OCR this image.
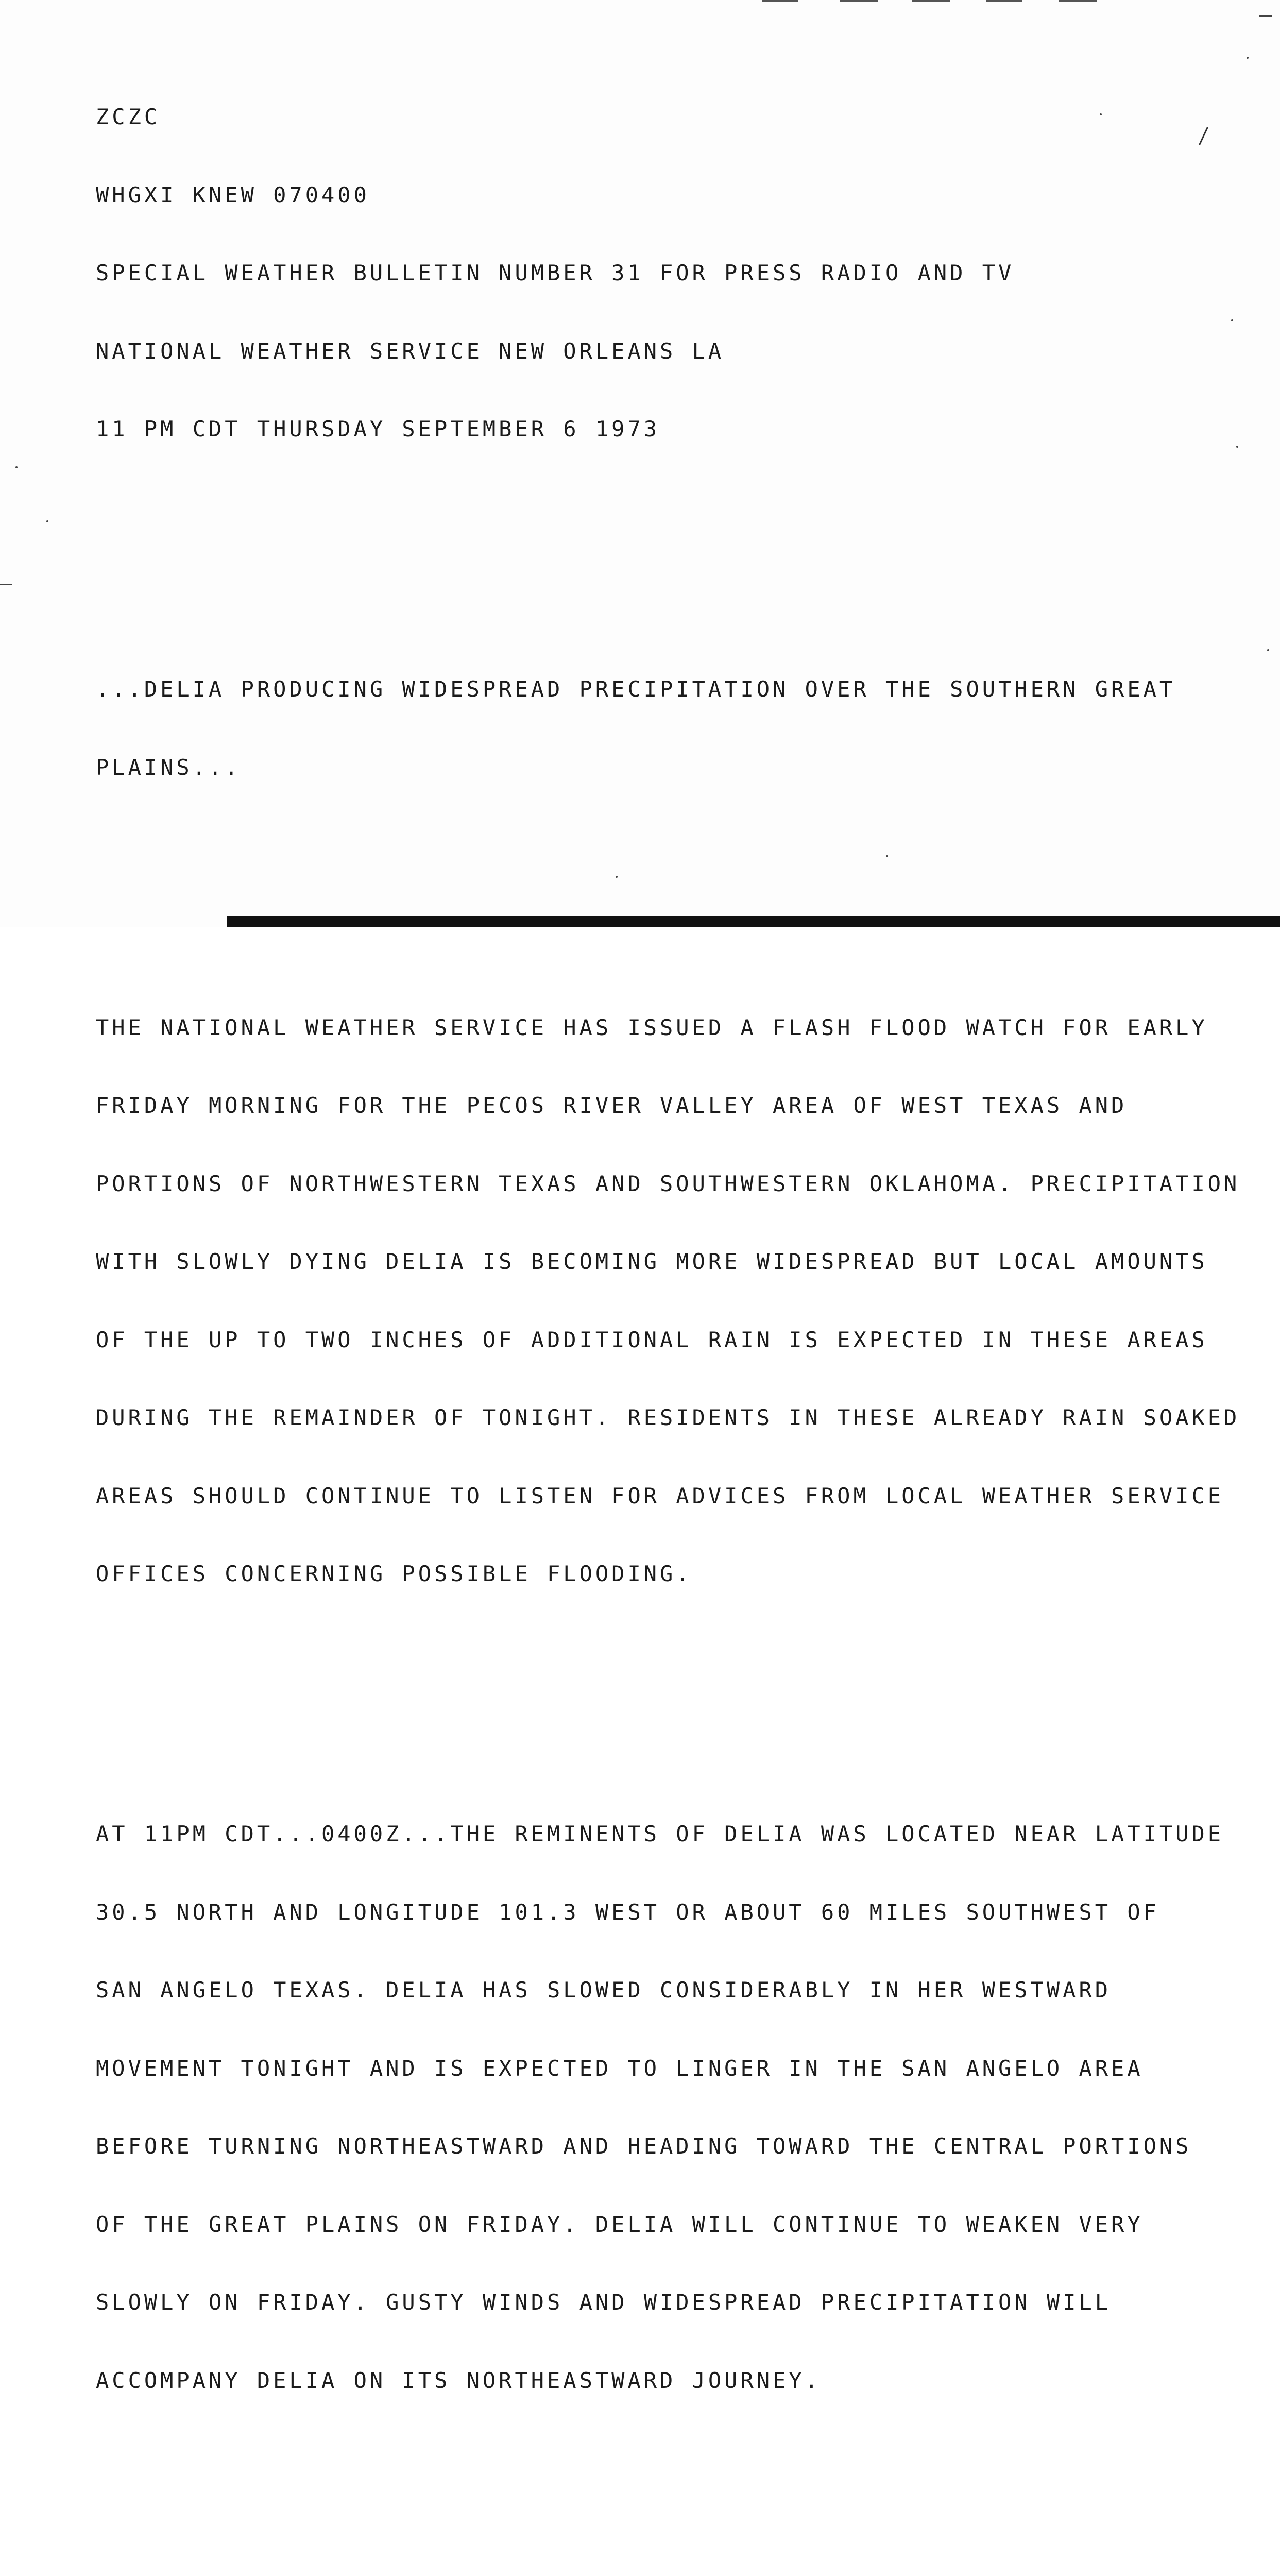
ZCZC

WHGXI KNEW 070400

SPECIAL WEATHER BULLETIN NUMBER 31 FOR PRESS RADIO AND TV

NATIONAL WEATHER SERVICE NEW ORLEANS LA

11 PM CDT THURSDAY SEPTEMBER 6 1973

...DELIA PRODUCING WIDESPREAD PRECIPITATION OVER THE SOUTHERN GREAT

PLAINS...

THE NATIONAL WEATHER SERVICE HAS ISSUED A FLASH FLOOD WATCH FOR EARLY

FRIDAY MORNING FOR THE PECOS RIVER VALLEY AREA OF WEST TEXAS AND

PORTIONS OF NORTHWESTERN TEXAS AND SOUTHWESTERN OKLAHOMA. PRECIPITATION

WITH SLOWLY DYING DELIA IS BECOMING MORE WIDESPREAD BUT LOCAL AMOUNTS

OF THE UP TO TWO INCHES OF ADDITIONAL RAIN IS EXPECTED IN THESE AREAS

DURING THE REMAINDER OF TONIGHT. RESIDENTS IN THESE ALREADY RAIN SOAKED

AREAS SHOULD CONTINUE TO LISTEN FOR ADVICES FROM LOCAL WEATHER SERVICE

OFFICES CONCERNING POSSIBLE FLOODING.

AT 11PM CDT...0400Z...THE REMINENTS OF DELIA WAS LOCATED NEAR LATITUDE

30.5 NORTH AND LONGITUDE 101.3 WEST OR ABOUT 60 MILES SOUTHWEST OF

SAN ANGELO TEXAS. DELIA HAS SLOWED CONSIDERABLY IN HER WESTWARD

MOVEMENT TONIGHT AND IS EXPECTED TO LINGER IN THE SAN ANGELO AREA

BEFORE TURNING NORTHEASTWARD AND HEADING TOWARD THE CENTRAL PORTIONS

OF THE GREAT PLAINS ON FRIDAY. DELIA WILL CONTINUE TO WEAKEN VERY

SLOWLY ON FRIDAY. GUSTY WINDS AND WIDESPREAD PRECIPITATION WILL

ACCOMPANY DELIA ON ITS NORTHEASTWARD JOURNEY.
